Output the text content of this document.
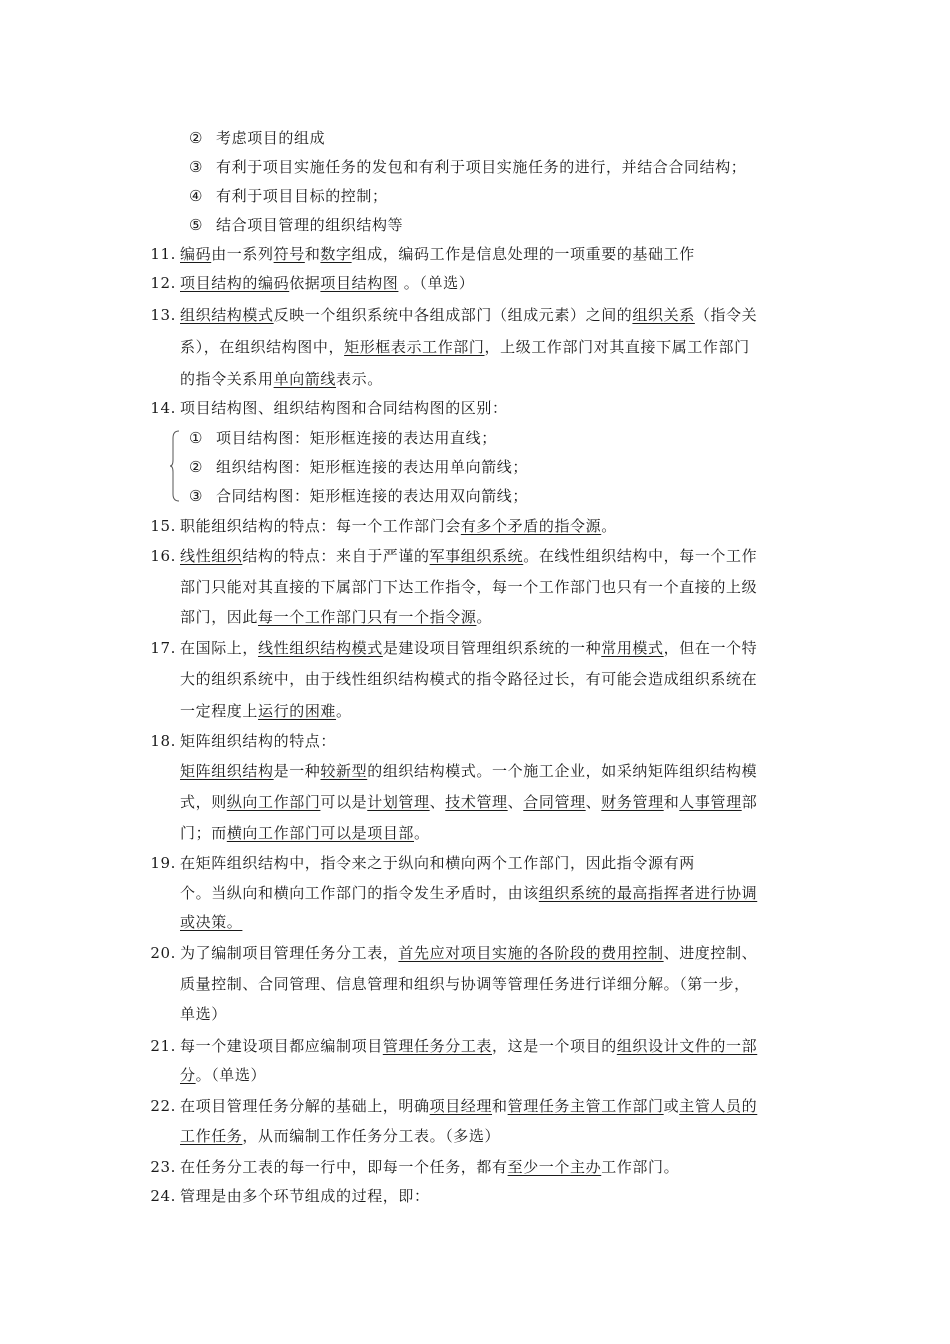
② 考虑项目的组成
③ 有利于项目实施任务的发包和有利于项目实施任务的进行，并结合合同结构；
④ 有利于项目目标的控制；
⑤ 结合项目管理的组织结构等
11. 编码由一系列符号和数字组成，编码工作是信息处理的一项重要的基础工作
12. 项目结构的编码依据项目结构图 。（单选）
13. 组织结构模式反映一个组织系统中各组成部门（组成元素）之间的组织关系（指令关
系），在组织结构图中，矩形框表示工作部门，上级工作部门对其直接下属工作部门
的指令关系用单向箭线表示。
14. 项目结构图、组织结构图和合同结构图的区别：
① 项目结构图：矩形框连接的表达用直线；
② 组织结构图：矩形框连接的表达用单向箭线；
③ 合同结构图：矩形框连接的表达用双向箭线；
15. 职能组织结构的特点：每一个工作部门会有多个矛盾的指令源。
16. 线性组织结构的特点：来自于严谨的军事组织系统。在线性组织结构中，每一个工作
部门只能对其直接的下属部门下达工作指令，每一个工作部门也只有一个直接的上级
部门，因此每一个工作部门只有一个指令源。
17. 在国际上，线性组织结构模式是建设项目管理组织系统的一种常用模式，但在一个特
大的组织系统中，由于线性组织结构模式的指令路径过长，有可能会造成组织系统在
一定程度上运行的困难。
18. 矩阵组织结构的特点：
矩阵组织结构是一种较新型的组织结构模式。一个施工企业，如采纳矩阵组织结构模
式，则纵向工作部门可以是计划管理、技术管理、合同管理、财务管理和人事管理部
门；而横向工作部门可以是项目部。
19. 在矩阵组织结构中，指令来之于纵向和横向两个工作部门，因此指令源有两
个。当纵向和横向工作部门的指令发生矛盾时，由该组织系统的最高指挥者进行协调
或决策。
20. 为了编制项目管理任务分工表，首先应对项目实施的各阶段的费用控制、进度控制、
质量控制、合同管理、信息管理和组织与协调等管理任务进行详细分解。（第一步，
单选）
21. 每一个建设项目都应编制项目管理任务分工表，这是一个项目的组织设计文件的一部
分。（单选）
22. 在项目管理任务分解的基础上，明确项目经理和管理任务主管工作部门或主管人员的
工作任务，从而编制工作任务分工表。（多选）
23. 在任务分工表的每一行中，即每一个任务，都有至少一个主办工作部门。
24. 管理是由多个环节组成的过程，即：
